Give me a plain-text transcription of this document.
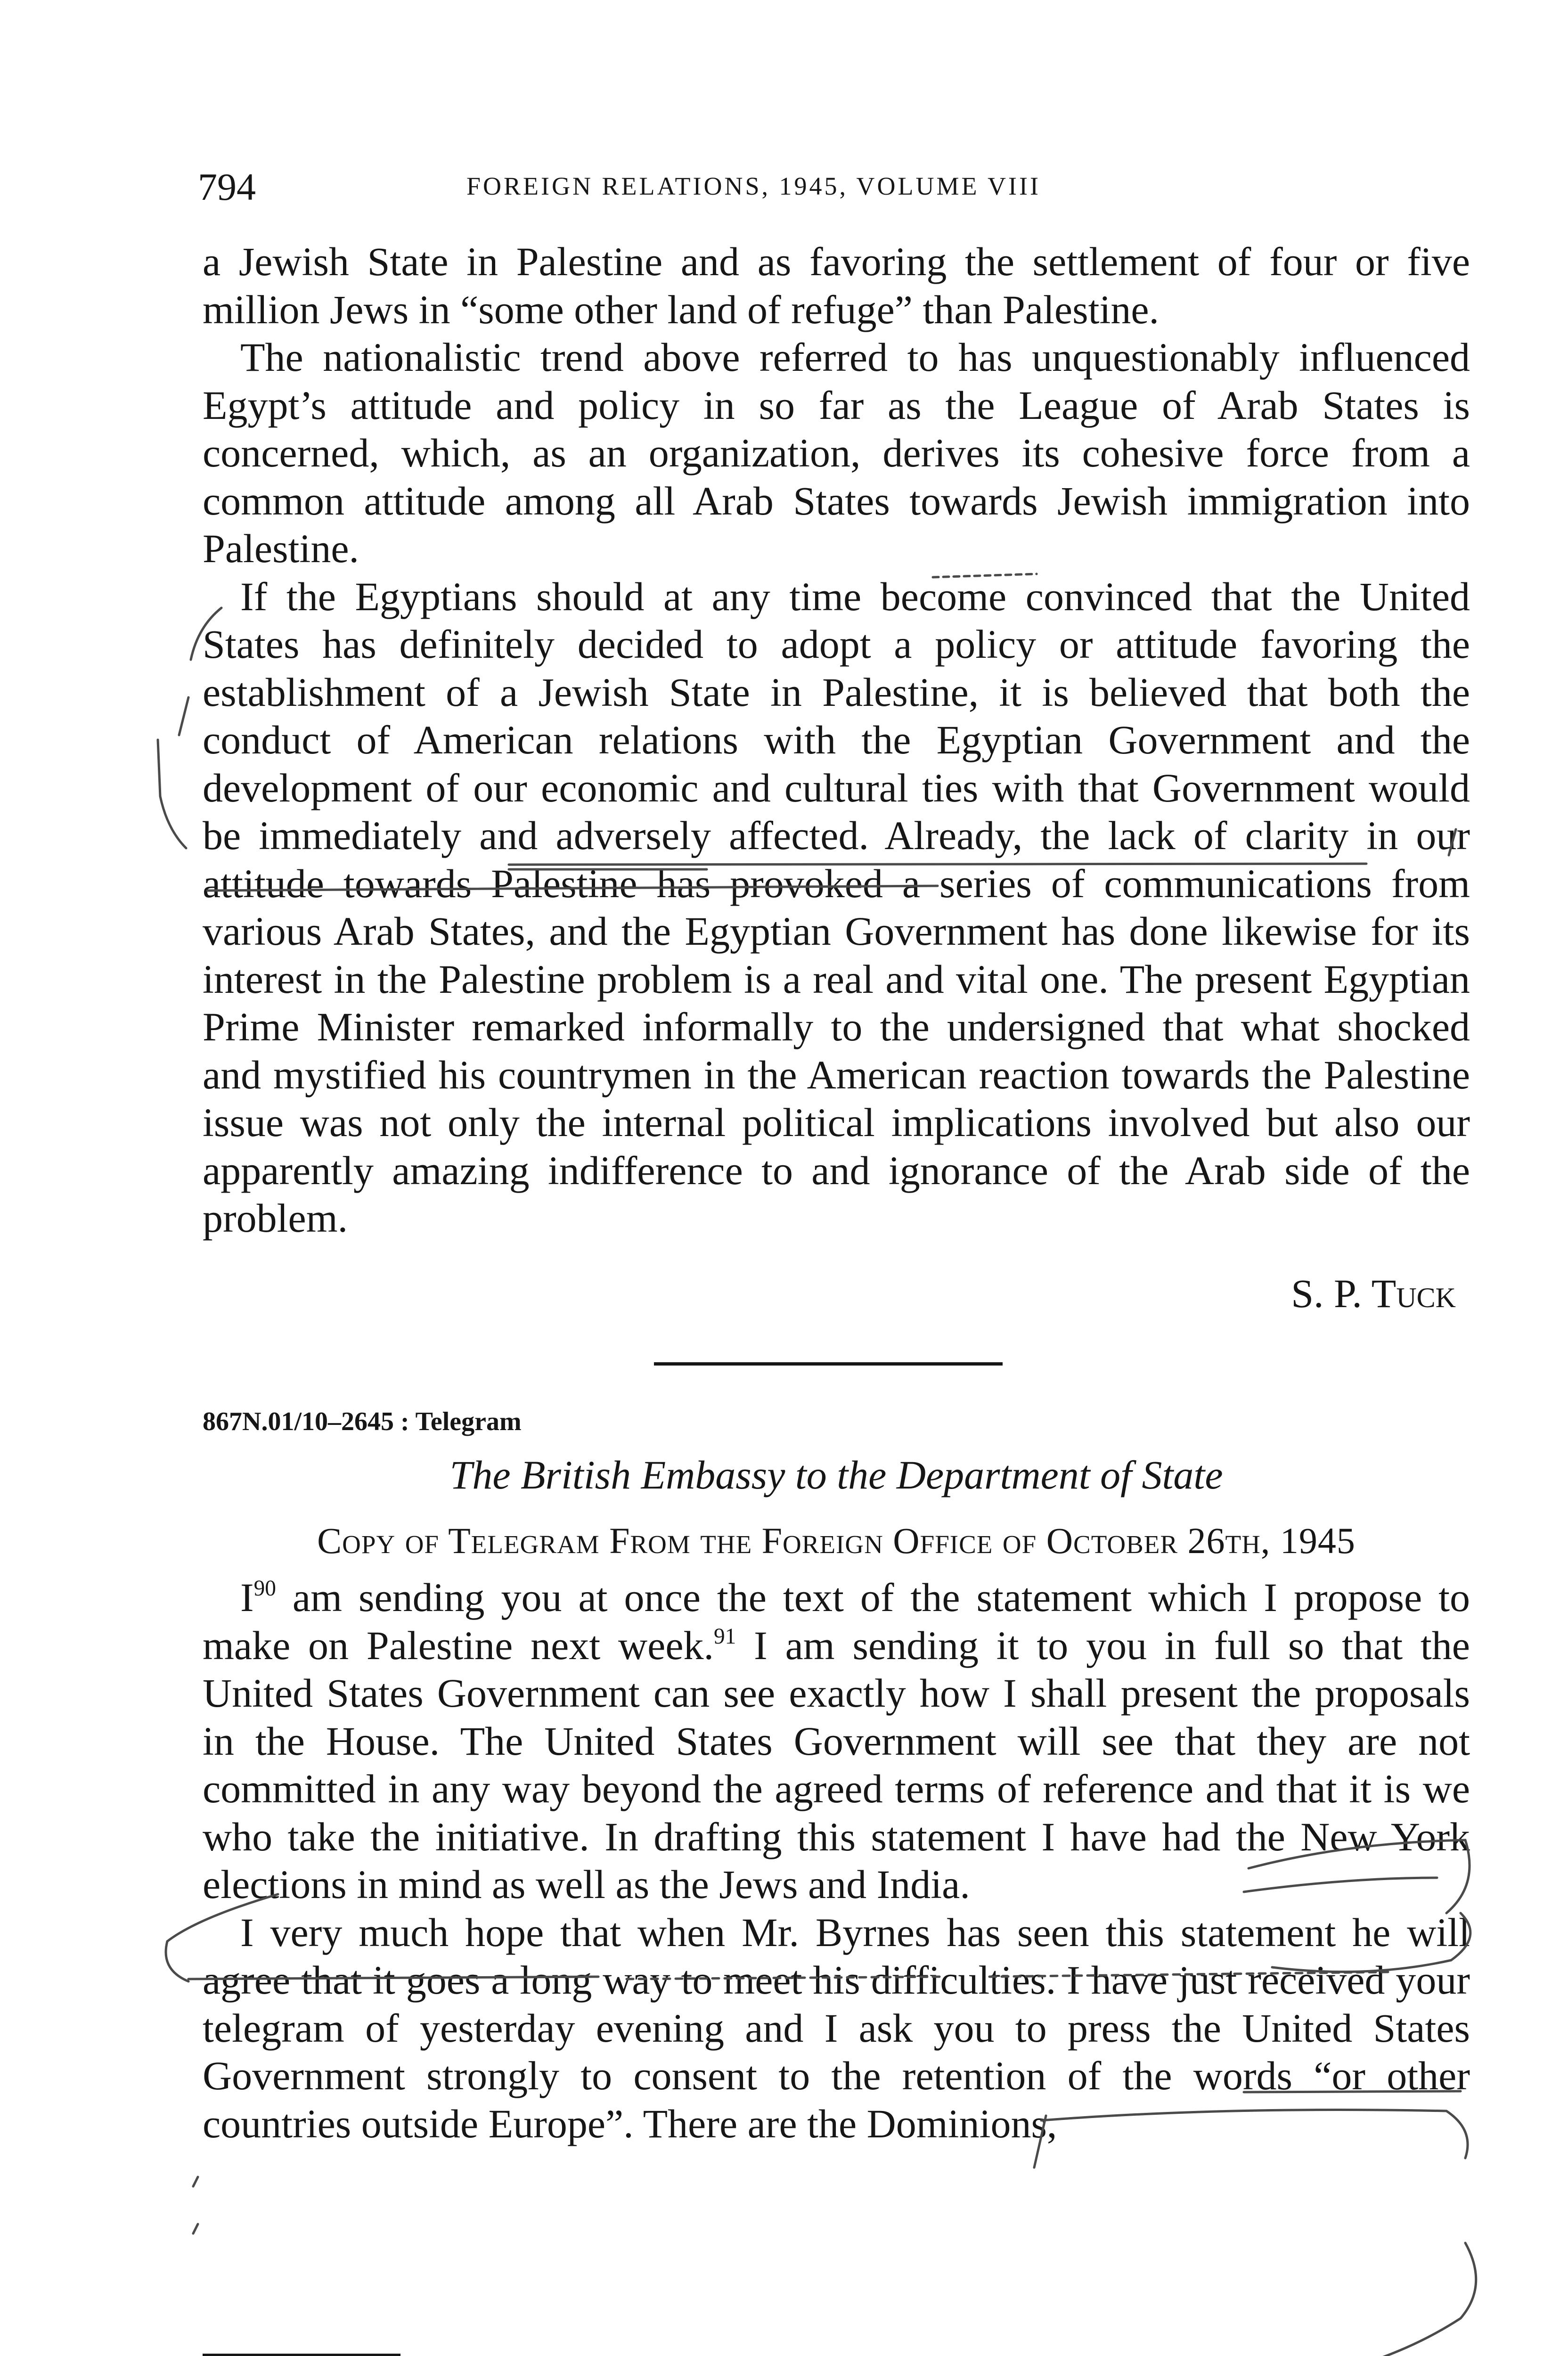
794	FOREIGN RELATIONS, 1945, VOLUME VIII

a Jewish State in Palestine and as favoring the settlement of four or five million Jews in “some other land of refuge” than Palestine.

The nationalistic trend above referred to has unquestionably influenced Egypt’s attitude and policy in so far as the League of Arab States is concerned, which, as an organization, derives its cohesive force from a common attitude among all Arab States towards Jewish immigration into Palestine.

If the Egyptians should at any time become convinced that the United States has definitely decided to adopt a policy or attitude favoring the establishment of a Jewish State in Palestine, it is believed that both the conduct of American relations with the Egyptian Government and the development of our economic and cultural ties with that Government would be immediately and adversely affected. Already, the lack of clarity in our attitude towards Palestine has provoked a series of communications from various Arab States, and the Egyptian Government has done likewise for its interest in the Palestine problem is a real and vital one. The present Egyptian Prime Minister remarked informally to the undersigned that what shocked and mystified his countrymen in the American reaction towards the Palestine issue was not only the internal political implications involved but also our apparently amazing indifference to and ignorance of the Arab side of the problem.

S. P. Tuck
867N.01/10–2645 : Telegram
The British Embassy to the Department of State
Copy of Telegram From the Foreign Office of October 26th, 1945

$I^{90}$ am sending you at once the text of the statement which I propose to make on Palestine next week.$^{91}$ I am sending it to you in full so that the United States Government can see exactly how I shall present the proposals in the House. The United States Government will see that they are not committed in any way beyond the agreed terms of reference and that it is we who take the initiative. In drafting this statement I have had the New York elections in mind as well as the Jews and India.

I very much hope that when Mr. Byrnes has seen this statement he will agree that it goes a long way to meet his difficulties. I have just received your telegram of yesterday evening and I ask you to press the United States Government strongly to consent to the retention of the words “or other countries outside Europe”. There are the Dominions,
